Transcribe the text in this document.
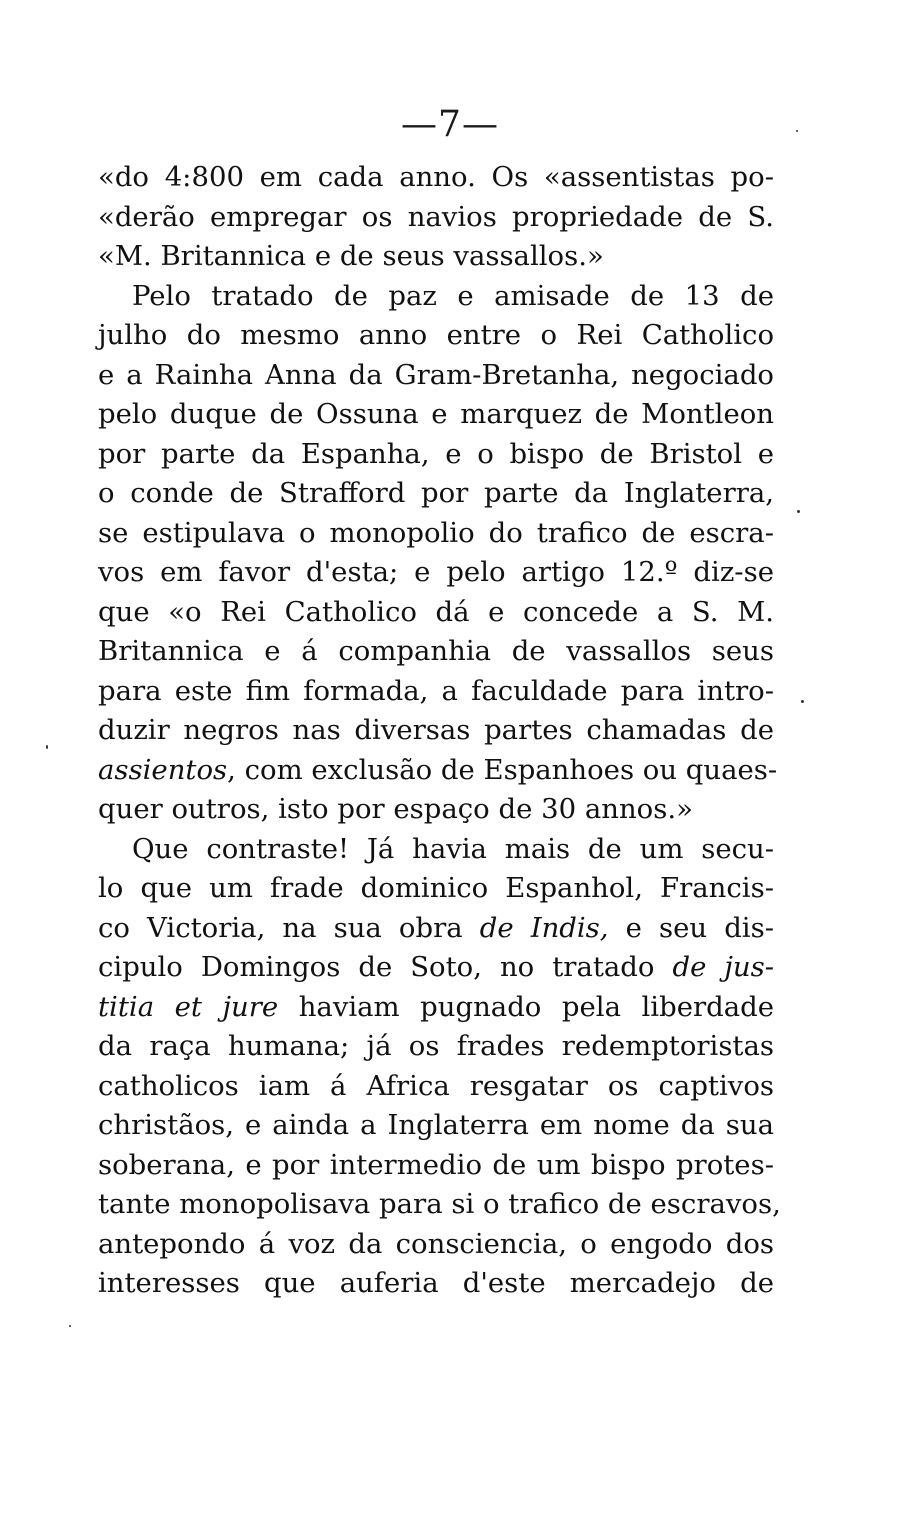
—7—
«do 4:800 em cada anno. Os «assentistas po-
«derão empregar os navios propriedade de S.
«M. Britannica e de seus vassallos.»
Pelo tratado de paz e amisade de 13 de
julho do mesmo anno entre o Rei Catholico
e a Rainha Anna da Gram-Bretanha, negociado
pelo duque de Ossuna e marquez de Montleon
por parte da Espanha, e o bispo de Bristol e
o conde de Strafford por parte da Inglaterra,
se estipulava o monopolio do trafico de escra-
vos em favor d'esta; e pelo artigo 12.º diz-se
que «o Rei Catholico dá e concede a S. M.
Britannica e á companhia de vassallos seus
para este fim formada, a faculdade para intro-
duzir negros nas diversas partes chamadas de
assientos, com exclusão de Espanhoes ou quaes-
quer outros, isto por espaço de 30 annos.»
Que contraste! Já havia mais de um secu-
lo que um frade dominico Espanhol, Francis-
co Victoria, na sua obra de Indis, e seu dis-
cipulo Domingos de Soto, no tratado de jus-
titia et jure haviam pugnado pela liberdade
da raça humana; já os frades redemptoristas
catholicos iam á Africa resgatar os captivos
christãos, e ainda a Inglaterra em nome da sua
soberana, e por intermedio de um bispo protes-
tante monopolisava para si o trafico de escravos,
antepondo á voz da consciencia, o engodo dos
interesses que auferia d'este mercadejo de
